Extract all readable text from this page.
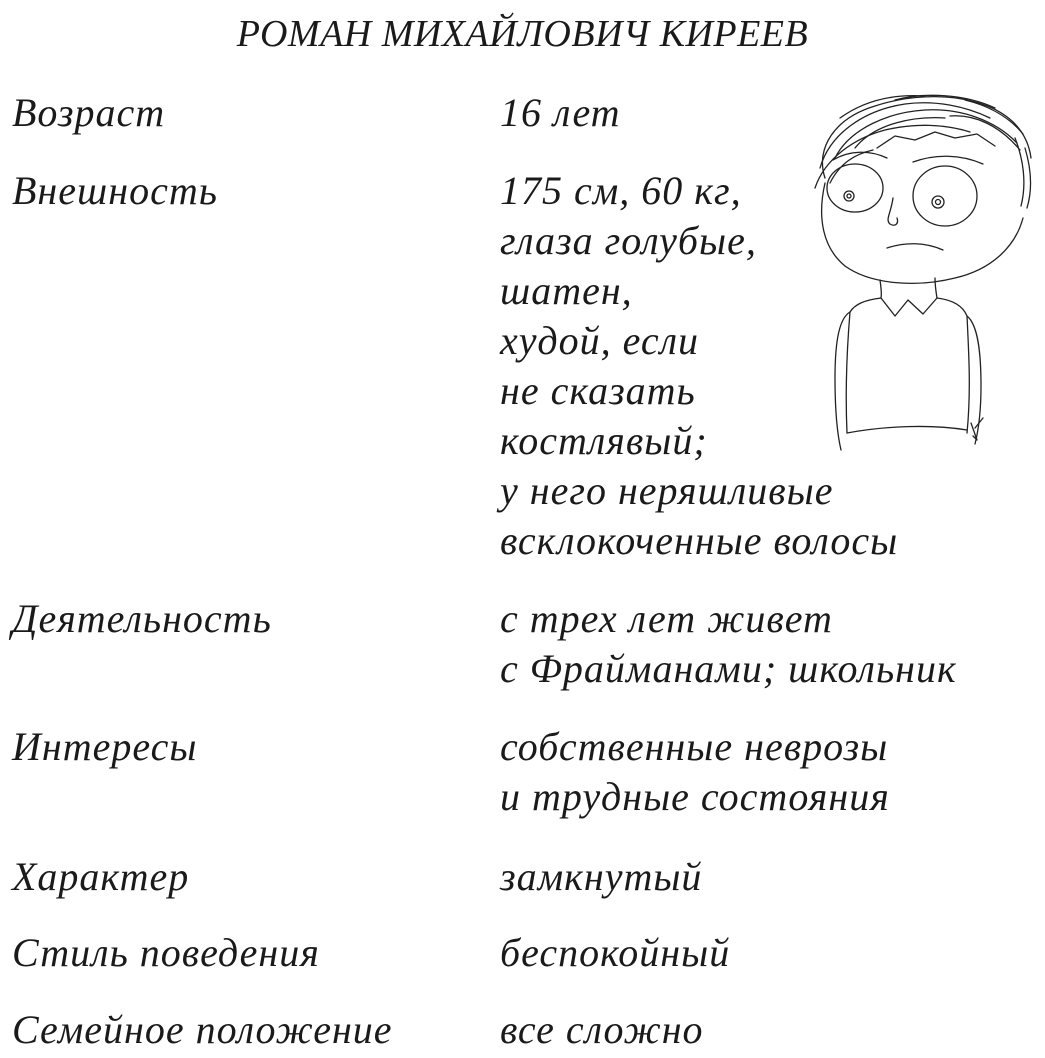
РОМАН МИХАЙЛОВИЧ КИРЕЕВ
Возраст	16 лет
Внешность	175 см, 60 кг,
глаза голубые,
шатен,
худой, если
не сказать
костлявый;
у него неряшливые
всклокоченные волосы
Деятельность	с трех лет живет
с Фрайманами; школьник
Интересы	собственные неврозы
и трудные состояния
Характер	замкнутый
Стиль поведения	беспокойный
Семейное положение	все сложно
